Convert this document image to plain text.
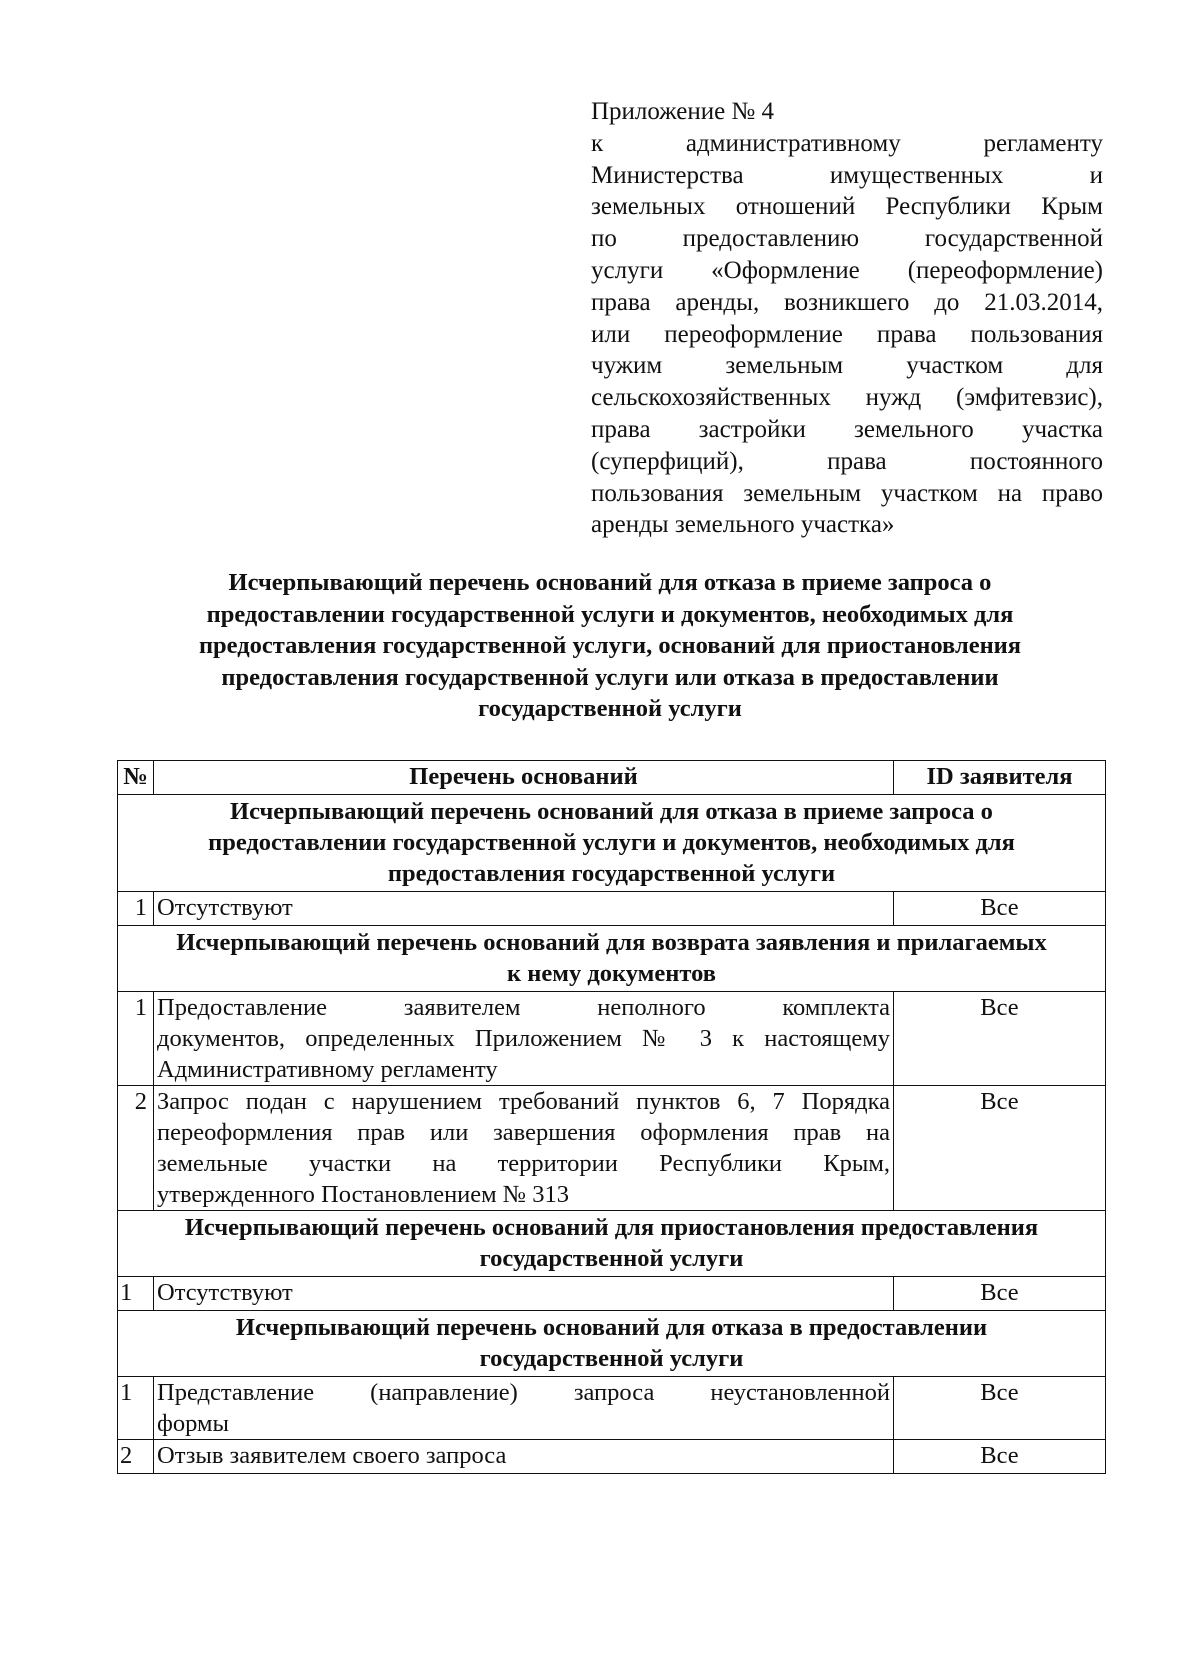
Приложение № 4
к административному регламенту
Министерства имущественных и
земельных отношений Республики Крым
по предоставлению государственной
услуги «Оформление (переоформление)
права аренды, возникшего до 21.03.2014,
или переоформление права пользования
чужим земельным участком для
сельскохозяйственных нужд (эмфитевзис),
права застройки земельного участка
(суперфиций), права постоянного
пользования земельным участком на право
аренды земельного участка»
Исчерпывающий перечень оснований для отказа в приеме запроса о
предоставлении государственной услуги и документов, необходимых для
предоставления государственной услуги, оснований для приостановления
предоставления государственной услуги или отказа в предоставлении
государственной услуги
№	Перечень оснований	ID заявителя

Исчерпывающий перечень оснований для отказа в приеме запроса о
предоставлении государственной услуги и документов, необходимых для
предоставления государственной услуги		

1	Отсутствуют	Все

Исчерпывающий перечень оснований для возврата заявления и прилагаемых
к нему документов		

1	Предоставление заявителем неполного комплекта
документов, определенных Приложением № 3 к настоящему
Административному регламенту	Все
2	Запрос подан с нарушением требований пунктов 6, 7 Порядка
переоформления прав или завершения оформления прав на
земельные участки на территории Республики Крым,
утвержденного Постановлением № 313	Все

Исчерпывающий перечень оснований для приостановления предоставления
государственной услуги		

1	Отсутствуют	Все

Исчерпывающий перечень оснований для отказа в предоставлении
государственной услуги		

1	Представление (направление) запроса неустановленной
формы	Все
2	Отзыв заявителем своего запроса	Все
